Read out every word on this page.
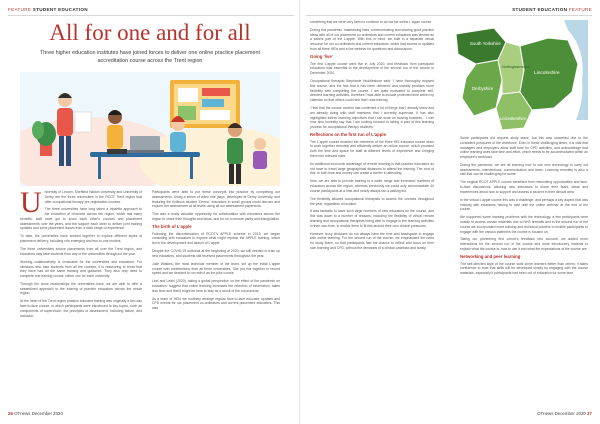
FEATURE STUDENT EDUCATION
All for one and for all
Three higher education institutes have joined forces to deliver one online practice placement accreditation course across the Trent region

University of Lincoln, Sheffield Hallam University and University of Derby are the three universities in the RCOT Trent region that offer occupational therapy pre-registration courses.

The three universities have long taken a tripartite approach to the education of clinicians across the region, which has many benefits: staff have got to know each other's courses and placement assessments over the years, and the support each other to deliver joint training updates and solve placement issues from a wide range of experience.

To date, the universities have worked together to explore different styles of placement delivery, including role emerging and two-to-one models.

The three universities source placements from all over the Trent region, and educators may take students from any of the universities throughout the year.

Working collaboratively is invaluable for the universities and educators. For clinicians who take students from all the courses, it is reassuring to know that they have had all the same training and guidance. They also only need to complete one training course, rather one for each university.

Through the close relationships the universities have, we are able to offer a streamlined approach to the training of practice educators across the whole region.

At the heart of the Trent region practice educator training was originally a two-day face-to-face course, in which participants were introduced to key topics, such as components of supervision, the principles of assessment, including failure, and inclusion.

Participants were able to put these concepts into practice by completing our assessments. Using a series of video role plays, developed at Derby University, and featuring the fictitious student 'Emma', educators in small groups could discuss and explore her assessment at all levels using all our assessment paperwork.

This was a really valuable opportunity for collaboration with educators across the region to share their thoughts and ideas, and for us to ensure parity and triangulation.

The birth of L'apple

Following the discontinuation of RCOT's APPLE scheme in 2019, we began consulting with educators to explore what might replace the APPLE training, which led to the development and launch of L'apple.

Despite the COVID-19 outbreak at the beginning of 2020, we still needed to train up new educators, and students still received placements throughout the year.

Julie Watkins, the most technical member of the team, set up the initial L'apple course with contributions from all three universities. She put this together in record speed and we decided to run with it as the pilot course.

Lind and Leahi (2020), taking a global perspective on the effect of the pandemic on education, suggest that online learning increases the retention of information, takes less time and that it might be here to stay as a result of the coronavirus.

As a team of HEIs we routinely arrange regular face-to-face educator updates and CPD events for our placement co-ordinators and current placement educators. This was

26 OTnews December 2020
STUDENT EDUCATION FEATURE

something that we were very keen to continue to do via the online L'apple course.

During this pandemic, maintaining links, communicating and sharing good practice ideas with all of our placement co-ordinators and current educators was viewed as a salient part of the L'apple. With this in mind, we built in a separate virtual resource for our co-ordinators and current educators, which had access to updates from all three HEIs and a live webinar for questions and discussions.

Going 'live'

The first L'apple course went live in July 2020, and feedback from participant educators was essential to the development of the second run of the course in December 2020.

Occupational therapist Stephanie Huddlestone said: 'I have thoroughly enjoyed this course, and the fact that it has been delivered and socially provides more flexibility with completing the course. I am quite motivated to complete self-directed learning activities, therefore I was able to include protected time within my calendar so that others could see that I was training.

'I feel that the course content has confirmed a lot of things that I already knew and am already doing with staff members that I currently supervise. It has also highlighted further learning objectives that I can work on moving forwards… I can now also honestly say that I am looking forward to taking a part of this learning process for occupational therapy students.'

Reflections on the first run of L'apple

The L'apple course enabled the members of the three HEI educator course team to work together remotely and efficiently deliver an online course, which provided both the time and space for staff at different levels of experience and bringing them into relevant roles.

An additional economic advantage of remote learning is that practice educators do not have to travel large geographical distances to attend the training. The cost of this, in both time and money can create a barrier to attending.

Now, we are able to provide training to a wider range and increased numbers of educators across the region, whereas previously we could only accommodate 40 course participants at a time and nearly always ran a waiting list.

The flexibility allowed occupational therapists to access the courses throughout the year, regardless of location.

It was fantastic to have such large numbers of new educators on the course, and this was down to a number of reasons, including the flexibility of virtual remote learning and occupational therapists being able to engage in the learning activities in their own time, to enable them to fit this around their own clinical pressures.

However, busy clinicians do not always have the time and headspace to engage with online learning. For the second run of the course, we emphasised the need for study leave, so that participants had the chance to reflect and focus on their own learning and CPD, without the demands of a clinical caseload and family.

South Yorkshire
Derbyshire
Lincolnshire
Nottinghamshire
Leicestershire

Some participants did request study leave, but this was cancelled due to the consistent pressures of the workforce. Even in these challenging times, it is vital that managers and employers allow staff time for CPD activities, and acknowledge that online learning does take time and effort, which needs to be accommodated within an employee's workload.

During the pandemic, we are all learning how to use new technology to carry out assessments, interventions, communication and team. Learning remotely is also a skill that can be challenging for some.

The original RCOT APPLE course benefited from networking opportunities and face-to-face discussions, allowing new educators to share their fears, ideas and experiences about how to support and assess a student in their clinical area.

In the virtual L'apple course this was a challenge, and perhaps a key aspect that was missing with educators having to wait until the online webinar at the end of the course.

We supported some learning problems with the technology, a few participants were unable to access certain materials due to NHS firewalls and in the second run of the course we incorporated more training and technical pointers to enable participants to engage with the various platforms the course is housed on.

Taking our pioneering first cohort's feedback into account, we added more interactions for the second run of the course and more introductory material to explain what the course is, how to use it and what the expectations of the course are.

Networking and peer learning

The self-directed style of the course suits some learners better than others; it takes confidence to trust that skills will be developed simply by engaging with the course materials, especially if participants had been out of education for some time.

OTnews December 2020 27
